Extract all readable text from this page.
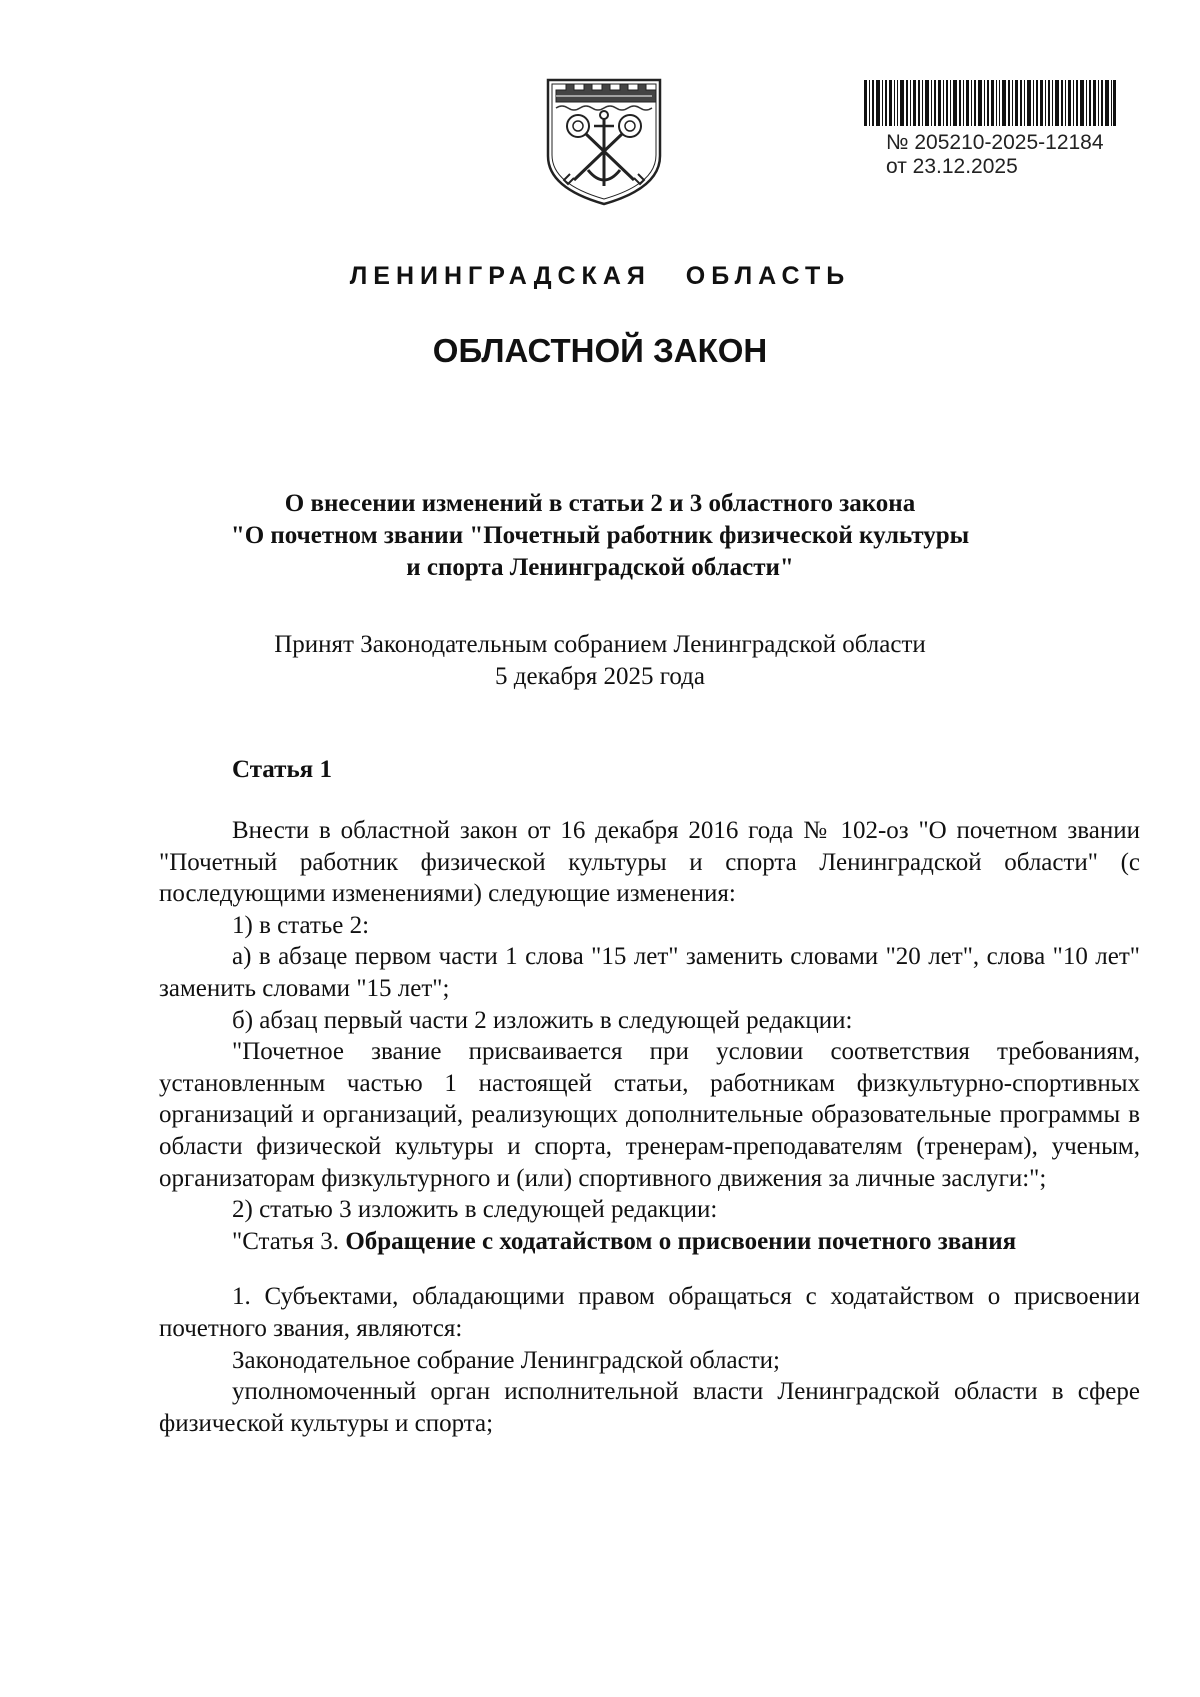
№ 205210-2025-12184
от 23.12.2025
ЛЕНИНГРАДСКАЯ ОБЛАСТЬ
ОБЛАСТНОЙ ЗАКОН
О внесении изменений в статьи 2 и 3 областного закона
"О почетном звании "Почетный работник физической культуры
и спорта Ленинградской области"
Принят Законодательным собранием Ленинградской области
5 декабря 2025 года
Статья 1

Внести в областной закон от 16 декабря 2016 года № 102-оз "О почетном звании "Почетный работник физической культуры и спорта Ленинградской области" (с последующими изменениями) следующие изменения:

1) в статье 2:

а) в абзаце первом части 1 слова "15 лет" заменить словами "20 лет", слова "10 лет" заменить словами "15 лет";

б) абзац первый части 2 изложить в следующей редакции:

"Почетное звание присваивается при условии соответствия требованиям, установленным частью 1 настоящей статьи, работникам физкультурно-спортивных организаций и организаций, реализующих дополнительные образовательные программы в области физической культуры и спорта, тренерам-преподавателям (тренерам), ученым, организаторам физкультурного и (или) спортивного движения за личные заслуги:";

2) статью 3 изложить в следующей редакции:

"Статья 3. Обращение с ходатайством о присвоении почетного звания

1. Субъектами, обладающими правом обращаться с ходатайством о присвоении почетного звания, являются:

Законодательное собрание Ленинградской области;

уполномоченный орган исполнительной власти Ленинградской области в сфере физической культуры и спорта;
